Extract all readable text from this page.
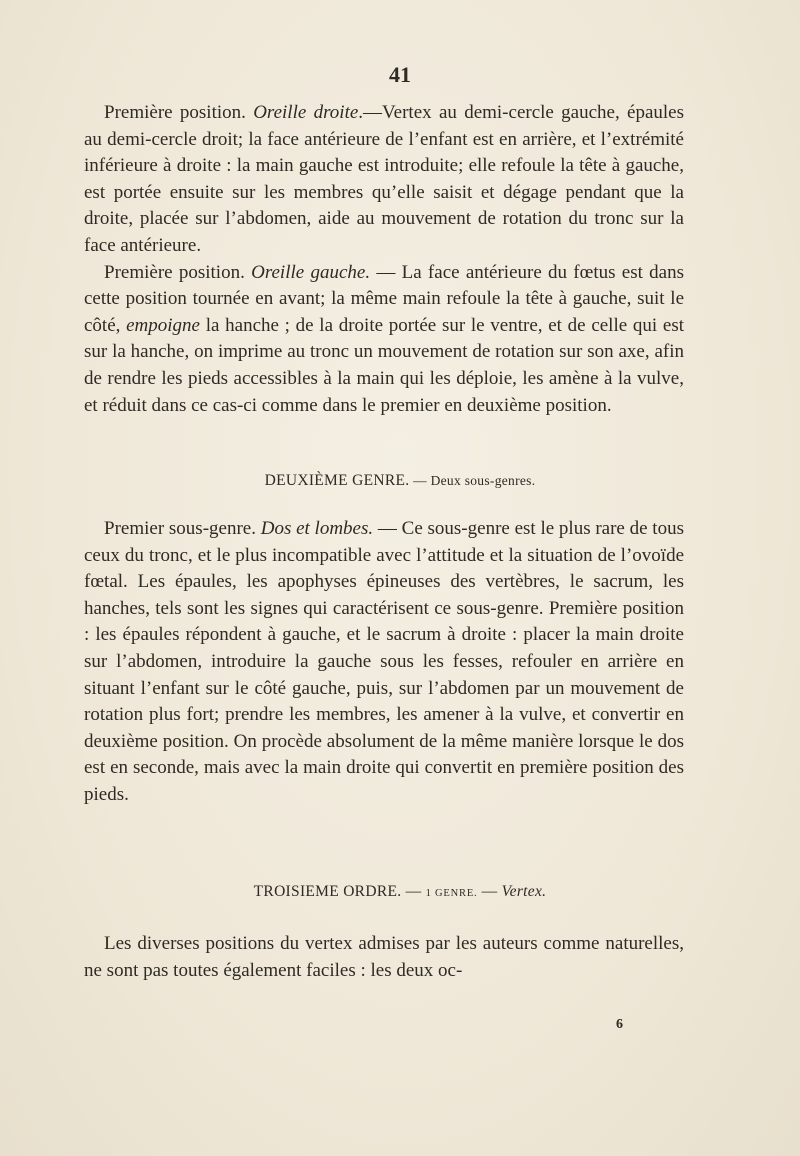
41

Première position. Oreille droite.—Vertex au demi-cercle gauche, épaules au demi-cercle droit; la face antérieure de l’enfant est en arrière, et l’extrémité inférieure à droite : la main gauche est introduite; elle refoule la tête à gauche, est portée ensuite sur les membres qu’elle saisit et dégage pendant que la droite, placée sur l’abdomen, aide au mouvement de rotation du tronc sur la face antérieure.

Première position. Oreille gauche. — La face antérieure du fœtus est dans cette position tournée en avant; la même main refoule la tête à gauche, suit le côté, empoigne la hanche ; de la droite portée sur le ventre, et de celle qui est sur la hanche, on imprime au tronc un mouvement de rotation sur son axe, afin de rendre les pieds accessibles à la main qui les déploie, les amène à la vulve, et réduit dans ce cas-ci comme dans le premier en deuxième position.

DEUXIÈME GENRE. — Deux sous-genres.

Premier sous-genre. Dos et lombes. — Ce sous-genre est le plus rare de tous ceux du tronc, et le plus incompatible avec l’attitude et la situation de l’ovoïde fœtal. Les épaules, les apophyses épineuses des vertèbres, le sacrum, les hanches, tels sont les signes qui caractérisent ce sous-genre. Première position : les épaules répondent à gauche, et le sacrum à droite : placer la main droite sur l’abdomen, introduire la gauche sous les fesses, refouler en arrière en situant l’enfant sur le côté gauche, puis, sur l’abdomen par un mouvement de rotation plus fort; prendre les membres, les amener à la vulve, et convertir en deuxième position. On procède absolument de la même manière lorsque le dos est en seconde, mais avec la main droite qui convertit en première position des pieds.

TROISIEME ORDRE. — 1 GENRE. — Vertex.

Les diverses positions du vertex admises par les auteurs comme naturelles, ne sont pas toutes également faciles : les deux oc-

6
